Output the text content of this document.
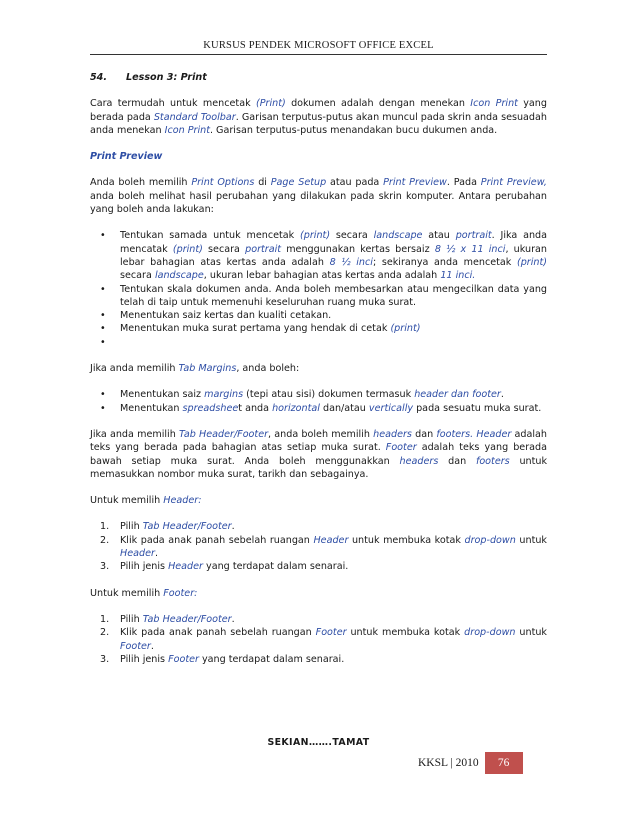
KURSUS PENDEK MICROSOFT OFFICE EXCEL

54. Lesson 3: Print

Cara termudah untuk mencetak (Print) dokumen adalah dengan menekan Icon Print yang berada pada Standard Toolbar. Garisan terputus-putus akan muncul pada skrin anda sesuadah anda menekan Icon Print. Garisan terputus-putus menandakan bucu dukumen anda.

Print Preview

Anda boleh memilih Print Options di Page Setup atau pada Print Preview. Pada Print Preview, anda boleh melihat hasil perubahan yang dilakukan pada skrin komputer. Antara perubahan yang boleh anda lakukan:

• Tentukan samada untuk mencetak (print) secara landscape atau portrait. Jika anda mencatak (print) secara portrait menggunakan kertas bersaiz 8 ½ x 11 inci, ukuran lebar bahagian atas kertas anda adalah 8 ½ inci; sekiranya anda mencetak (print) secara landscape, ukuran lebar bahagian atas kertas anda adalah 11 inci.
• Tentukan skala dokumen anda. Anda boleh membesarkan atau mengecilkan data yang telah di taip untuk memenuhi keseluruhan ruang muka surat.
• Menentukan saiz kertas dan kualiti cetakan.
• Menentukan muka surat pertama yang hendak di cetak (print)
•

Jika anda memilih Tab Margins, anda boleh:

• Menentukan saiz margins (tepi atau sisi) dokumen termasuk header dan footer.
• Menentukan spreadsheet anda horizontal dan/atau vertically pada sesuatu muka surat.

Jika anda memilih Tab Header/Footer, anda boleh memilih headers dan footers. Header adalah teks yang berada pada bahagian atas setiap muka surat. Footer adalah teks yang berada bawah setiap muka surat. Anda boleh menggunakkan headers dan footers untuk memasukkan nombor muka surat, tarikh dan sebagainya.

Untuk memilih Header:

1. Pilih Tab Header/Footer.
2. Klik pada anak panah sebelah ruangan Header untuk membuka kotak drop-down untuk Header.
3. Pilih jenis Header yang terdapat dalam senarai.

Untuk memilih Footer:

1. Pilih Tab Header/Footer.
2. Klik pada anak panah sebelah ruangan Footer untuk membuka kotak drop-down untuk Footer.
3. Pilih jenis Footer yang terdapat dalam senarai.
SEKIAN…….TAMAT
KKSL | 2010	76
